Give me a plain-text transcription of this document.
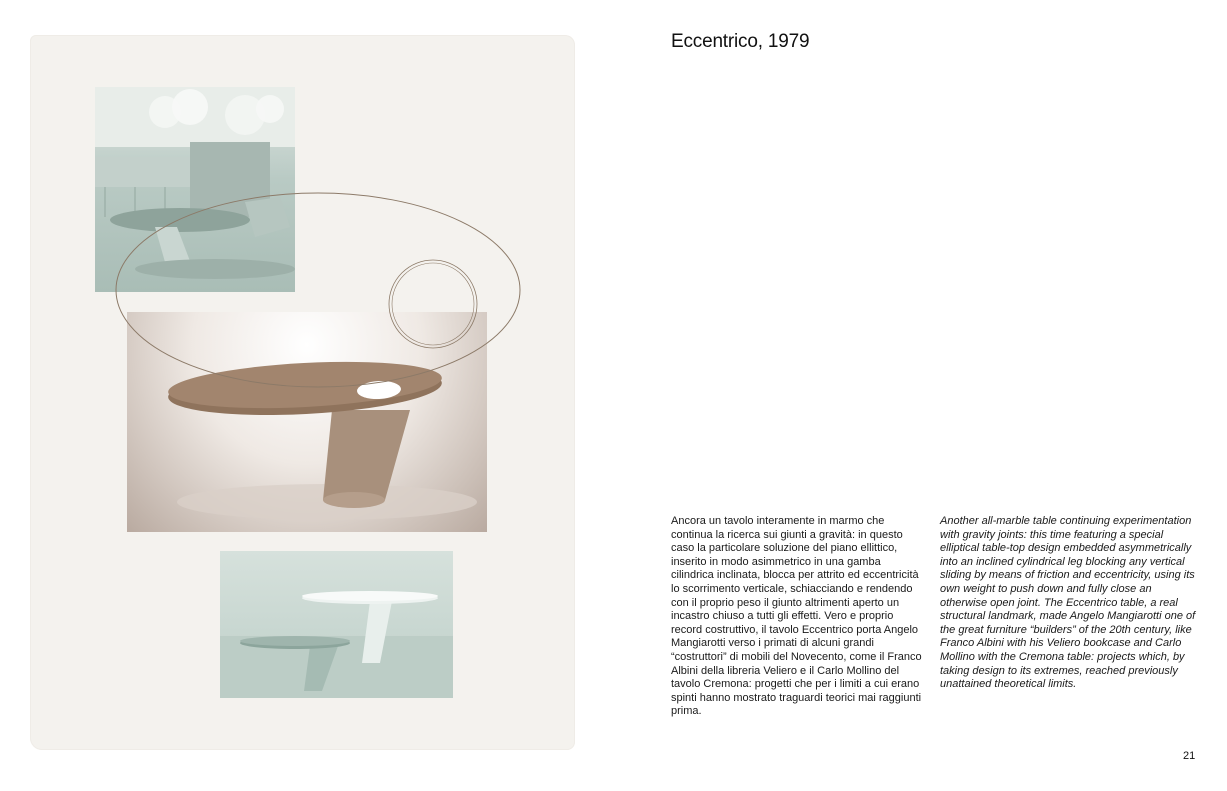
Eccentrico, 1979
Ancora un tavolo interamente in marmo che continua la ricerca sui giunti a gravità: in questo caso la particolare soluzione del piano ellittico, inserito in modo asimmetrico in una gamba cilindrica inclinata, blocca per attrito ed eccentricità lo scorrimento verticale, schiacciando e rendendo con il proprio peso il giunto altrimenti aperto un incastro chiuso a tutti gli effetti. Vero e proprio record costruttivo, il tavolo Eccentrico porta Angelo Mangiarotti verso i primati di alcuni grandi “costruttori” di mobili del Novecento, come il Franco Albini della libreria Veliero e il Carlo Mollino del tavolo Cremona: progetti che per i limiti a cui erano spinti hanno mostrato traguardi teorici mai raggiunti prima.
Another all-marble table continuing experimentation with gravity joints: this time featuring a special elliptical table-top design embedded asymmetrically into an inclined cylindrical leg blocking any vertical sliding by means of friction and eccentricity, using its own weight to push down and fully close an otherwise open joint. The Eccentrico table, a real structural landmark, made Angelo Mangiarotti one of the great furniture “builders” of the 20th century, like Franco Albini with his Veliero bookcase and Carlo Mollino with the Cremona table: projects which, by taking design to its extremes, reached previously unattained theoretical limits.
21
